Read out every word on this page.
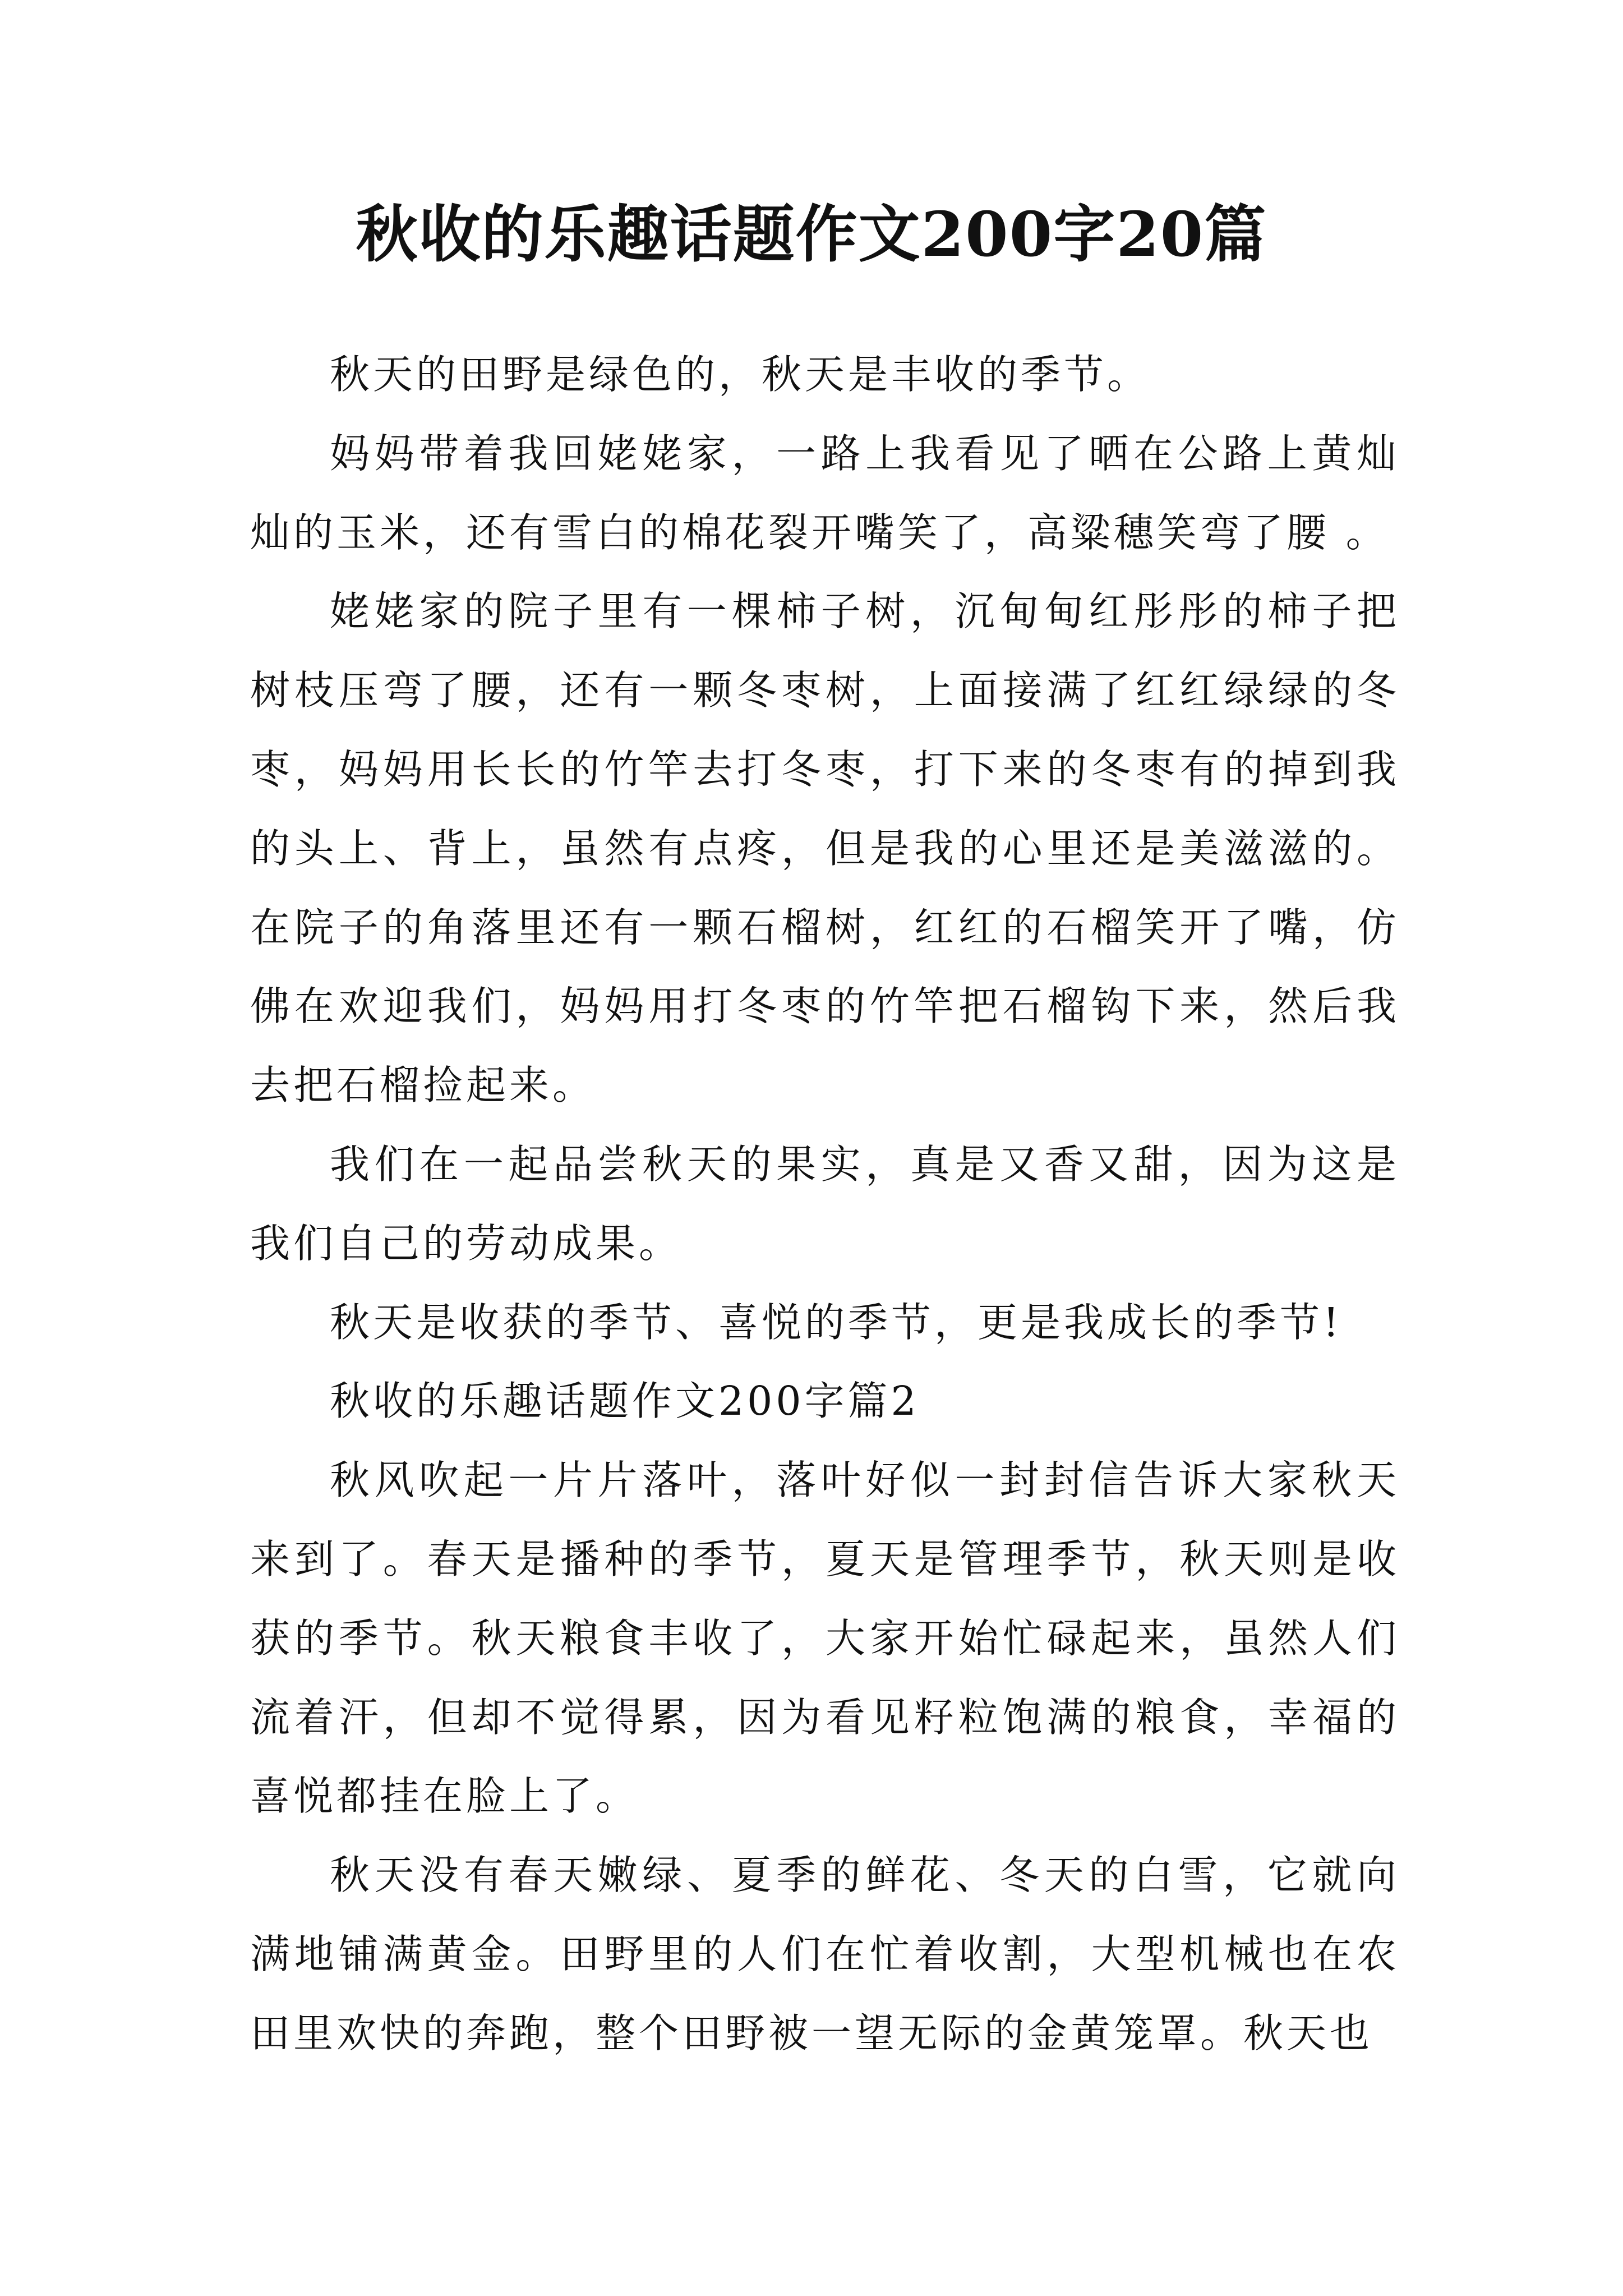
秋收的乐趣话题作文200字20篇

秋天的田野是绿色的，秋天是丰收的季节。

妈妈带着我回姥姥家，一路上我看见了晒在公路上黄灿灿的玉米，还有雪白的棉花裂开嘴笑了，高粱穗笑弯了腰 。

姥姥家的院子里有一棵柿子树，沉甸甸红彤彤的柿子把树枝压弯了腰，还有一颗冬枣树，上面接满了红红绿绿的冬枣，妈妈用长长的竹竿去打冬枣，打下来的冬枣有的掉到我的头上、背上，虽然有点疼，但是我的心里还是美滋滋的。在院子的角落里还有一颗石榴树，红红的石榴笑开了嘴，仿佛在欢迎我们，妈妈用打冬枣的竹竿把石榴钩下来，然后我去把石榴捡起来。

我们在一起品尝秋天的果实，真是又香又甜，因为这是我们自己的劳动成果。

秋天是收获的季节、喜悦的季节，更是我成长的季节!

秋收的乐趣话题作文200字篇2

秋风吹起一片片落叶，落叶好似一封封信告诉大家秋天来到了。春天是播种的季节，夏天是管理季节，秋天则是收获的季节。秋天粮食丰收了，大家开始忙碌起来，虽然人们流着汗，但却不觉得累，因为看见籽粒饱满的粮食，幸福的喜悦都挂在脸上了。

秋天没有春天嫩绿、夏季的鲜花、冬天的白雪，它就向满地铺满黄金。田野里的人们在忙着收割，大型机械也在农田里欢快的奔跑，整个田野被一望无际的金黄笼罩。秋天也
